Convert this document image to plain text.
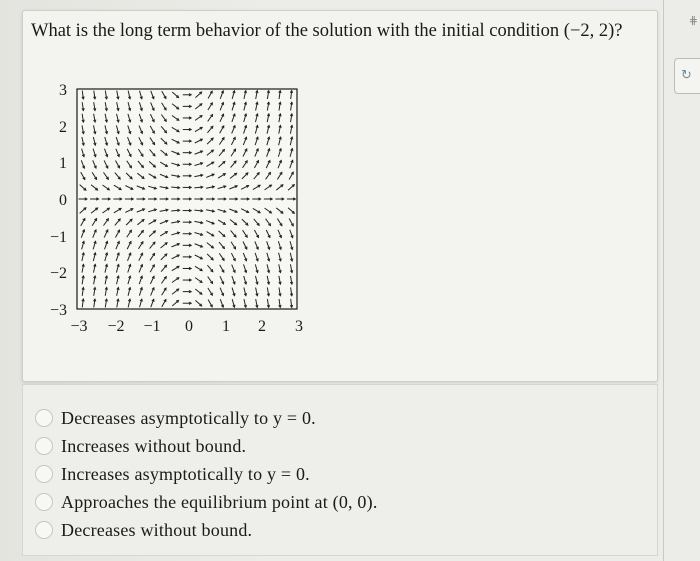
What is the long term behavior of the solution with the initial condition (−2, 2)?
3
2
1
0
−1
−2
−3
−3 −2 −1 0 1 2 3
Decreases asymptotically to y = 0.
Increases without bound.
Increases asymptotically to y = 0.
Approaches the equilibrium point at (0, 0).
Decreases without bound.
⋕
↻
